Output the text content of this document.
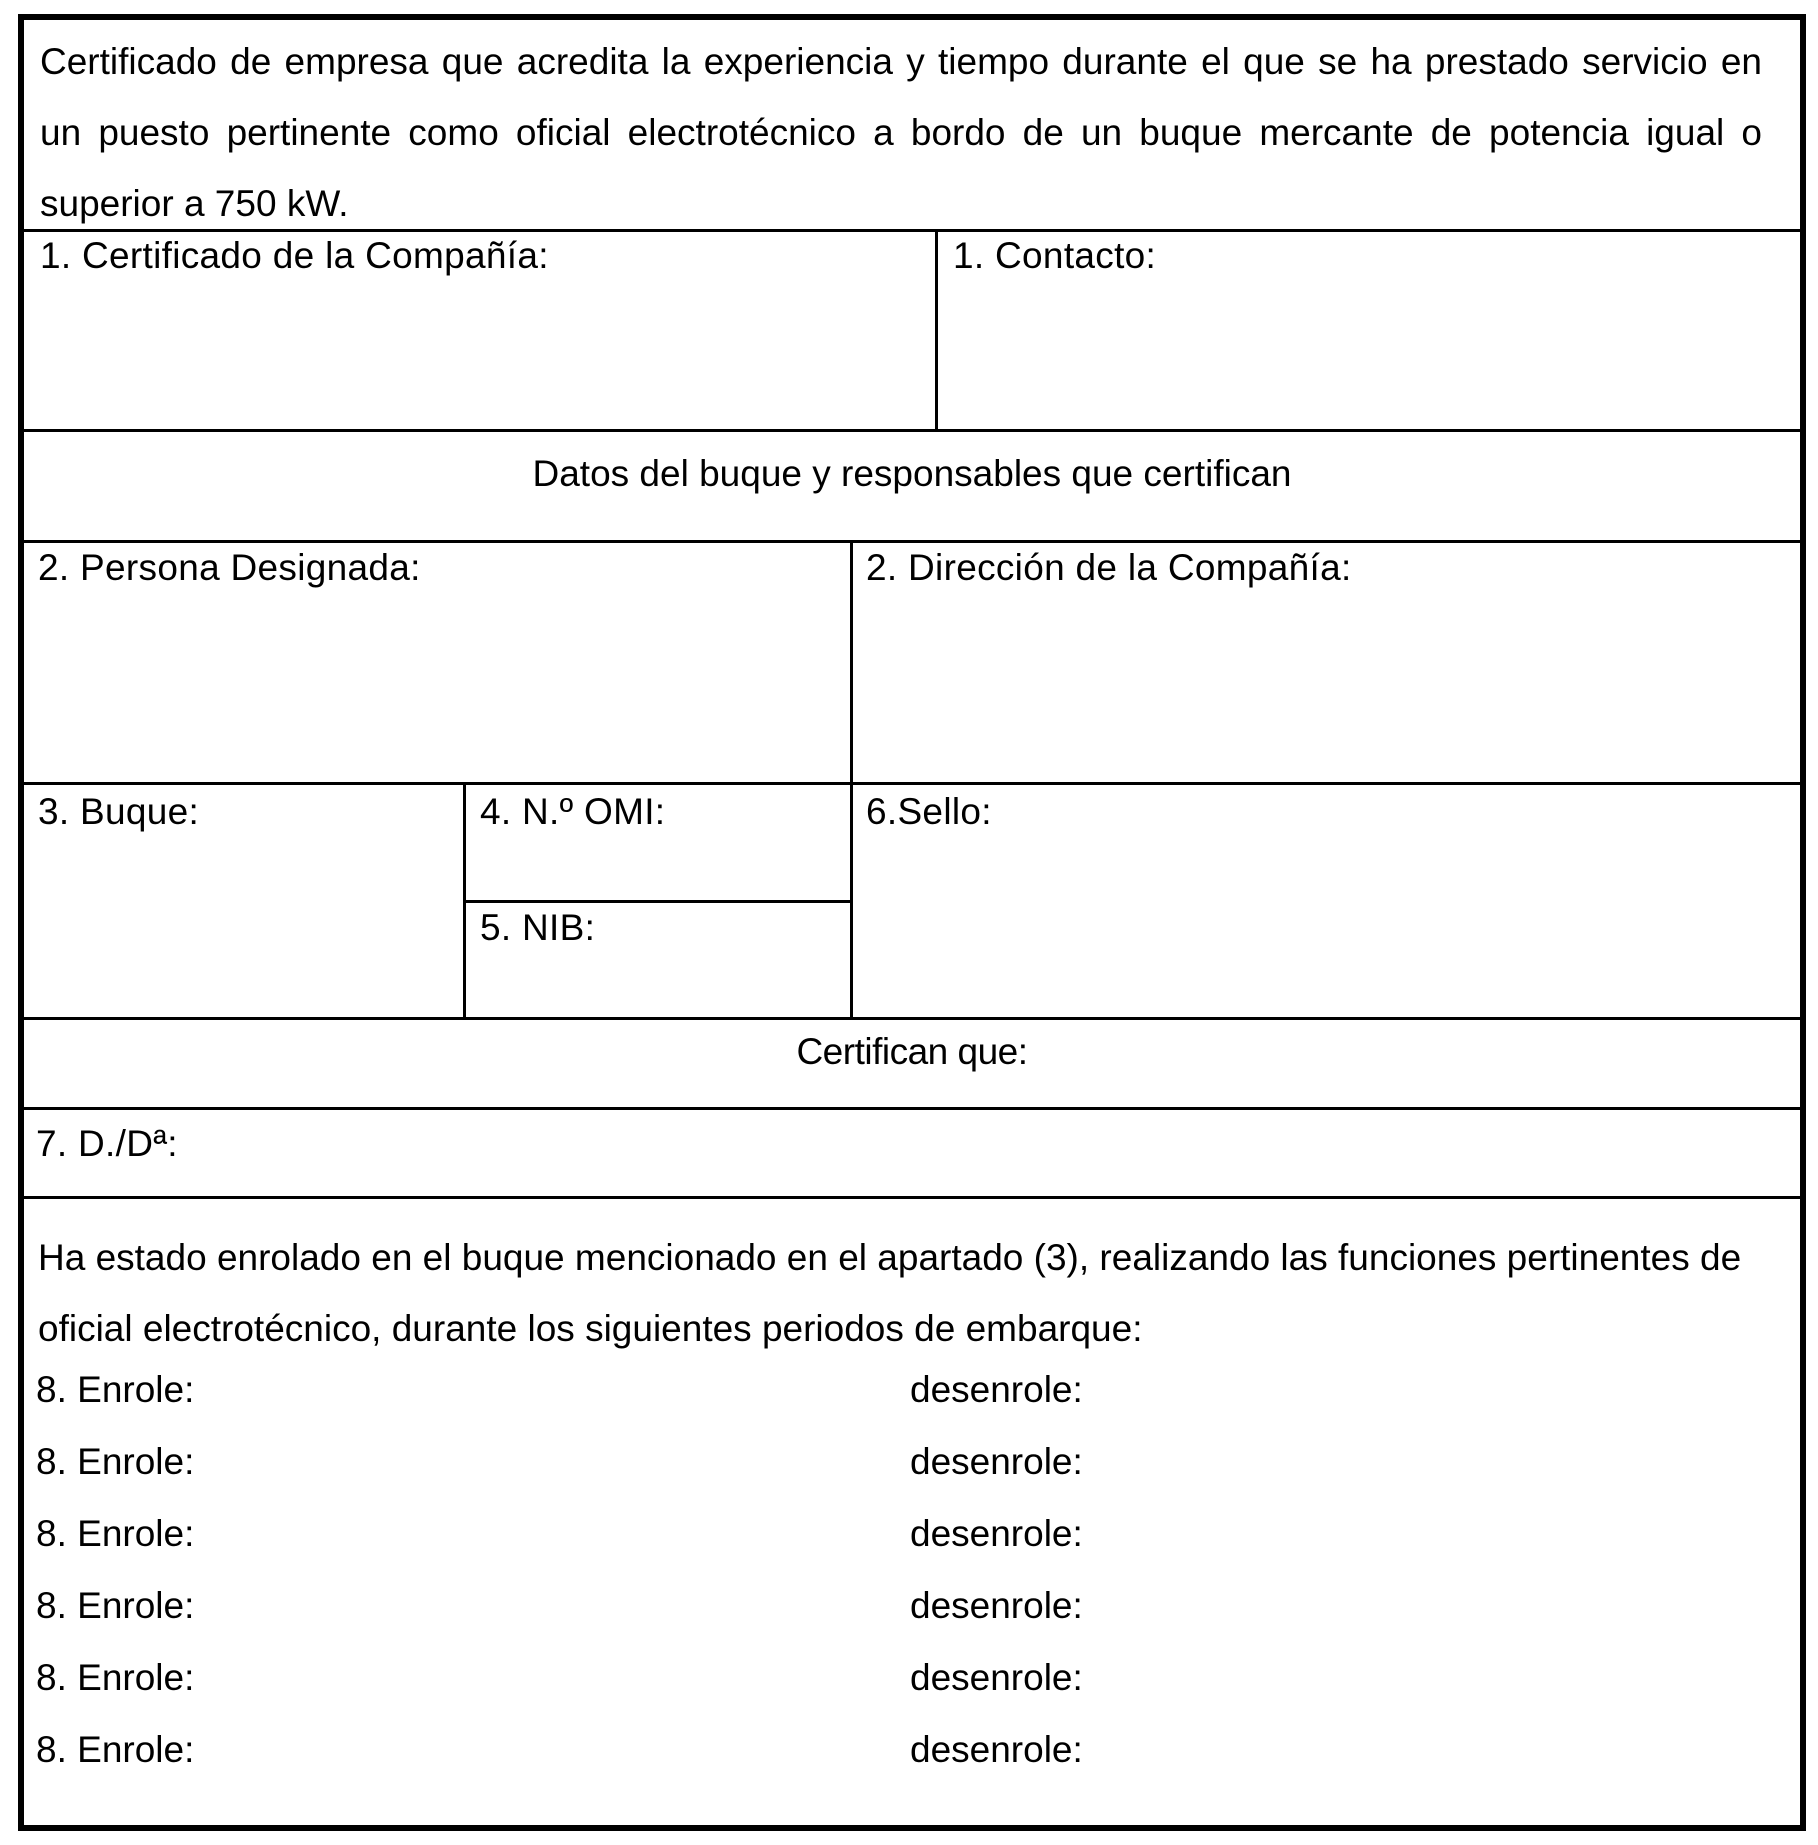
Certificado de empresa que acredita la experiencia y tiempo durante el que se ha prestado servicio en un puesto pertinente como oficial electrotécnico a bordo de un buque mercante de potencia igual o superior a 750 kW.
1. Certificado de la Compañía:	1. Contacto:
Datos del buque y responsables que certifican
2. Persona Designada:	2. Dirección de la Compañía:
3. Buque:	4. N.º OMI:
5. NIB:
6.Sello:
Certifican que:
7. D./Dª:
Ha estado enrolado en el buque mencionado en el apartado (3), realizando las funciones pertinentes de oficial electrotécnico, durante los siguientes periodos de embarque:
8. Enrole:	desenrole:
8. Enrole:	desenrole:
8. Enrole:	desenrole:
8. Enrole:	desenrole:
8. Enrole:	desenrole:
8. Enrole:	desenrole:
